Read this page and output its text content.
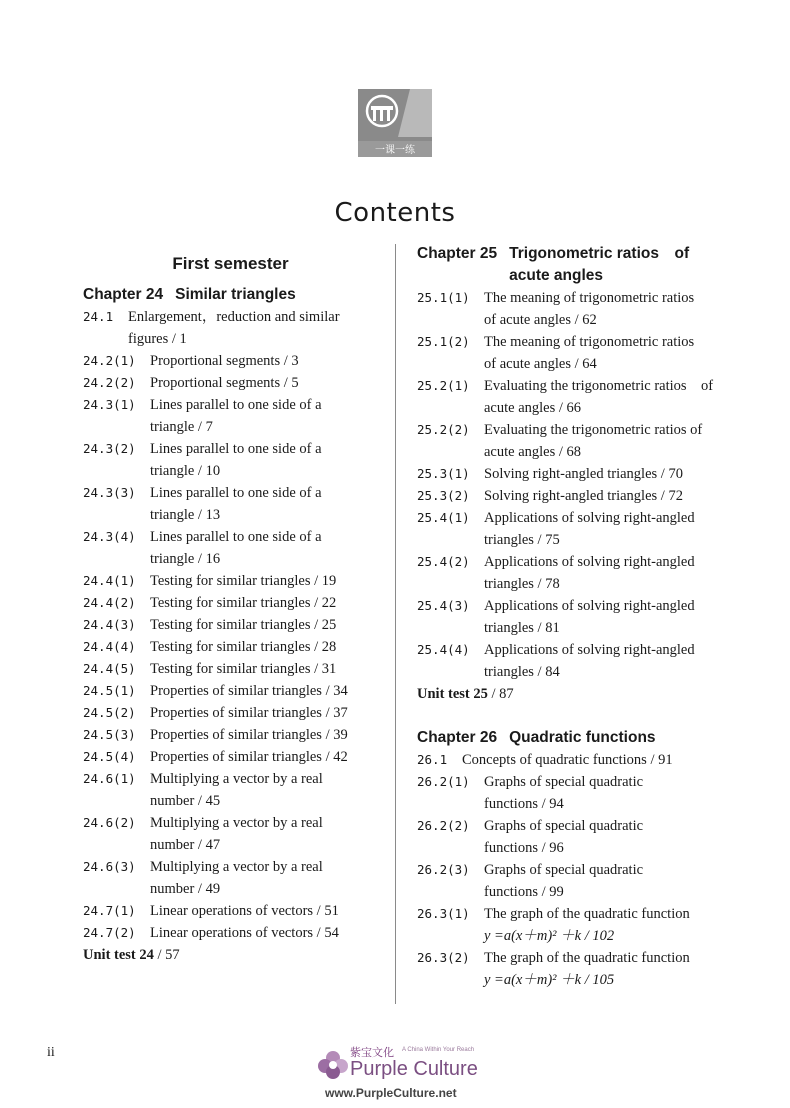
一课一练
Contents
First semester
Chapter 24 Similar triangles
24.1	Enlargement，reduction and similar
figures / 1
24.2(1) Proportional segments / 3
24.2(2) Proportional segments / 5
24.3(1) Lines parallel to one side of a
triangle / 7
24.3(2) Lines parallel to one side of a
triangle / 10
24.3(3) Lines parallel to one side of a
triangle / 13
24.3(4) Lines parallel to one side of a
triangle / 16
24.4(1) Testing for similar triangles / 19
24.4(2) Testing for similar triangles / 22
24.4(3) Testing for similar triangles / 25
24.4(4) Testing for similar triangles / 28
24.4(5) Testing for similar triangles / 31
24.5(1) Properties of similar triangles / 34
24.5(2) Properties of similar triangles / 37
24.5(3) Properties of similar triangles / 39
24.5(4) Properties of similar triangles / 42
24.6(1) Multiplying a vector by a real
number / 45
24.6(2) Multiplying a vector by a real
number / 47
24.6(3) Multiplying a vector by a real
number / 49
24.7(1) Linear operations of vectors / 51
24.7(2) Linear operations of vectors / 54
Unit test 24 / 57
Chapter 25 Trigonometric ratios　of
acute angles
25.1(1) The meaning of trigonometric ratios
of acute angles / 62
25.1(2) The meaning of trigonometric ratios
of acute angles / 64
25.2(1) Evaluating the trigonometric ratios　of
acute angles / 66
25.2(2) Evaluating the trigonometric ratios of
acute angles / 68
25.3(1) Solving right-angled triangles / 70
25.3(2) Solving right-angled triangles / 72
25.4(1) Applications of solving right-angled
triangles / 75
25.4(2) Applications of solving right-angled
triangles / 78
25.4(3) Applications of solving right-angled
triangles / 81
25.4(4) Applications of solving right-angled
triangles / 84
Unit test 25 / 87
Chapter 26 Quadratic functions
26.1	Concepts of quadratic functions / 91
26.2(1) Graphs of special quadratic
functions / 94
26.2(2) Graphs of special quadratic
functions / 96
26.2(3) Graphs of special quadratic
functions / 99
26.3(1) The graph of the quadratic function
y =a(x＋m)² ＋k / 102
26.3(2) The graph of the quadratic function
y =a(x＋m)² ＋k / 105
ii	紫宝文化 A China Within Your Reach
Purple Culture
www.PurpleCulture.net
